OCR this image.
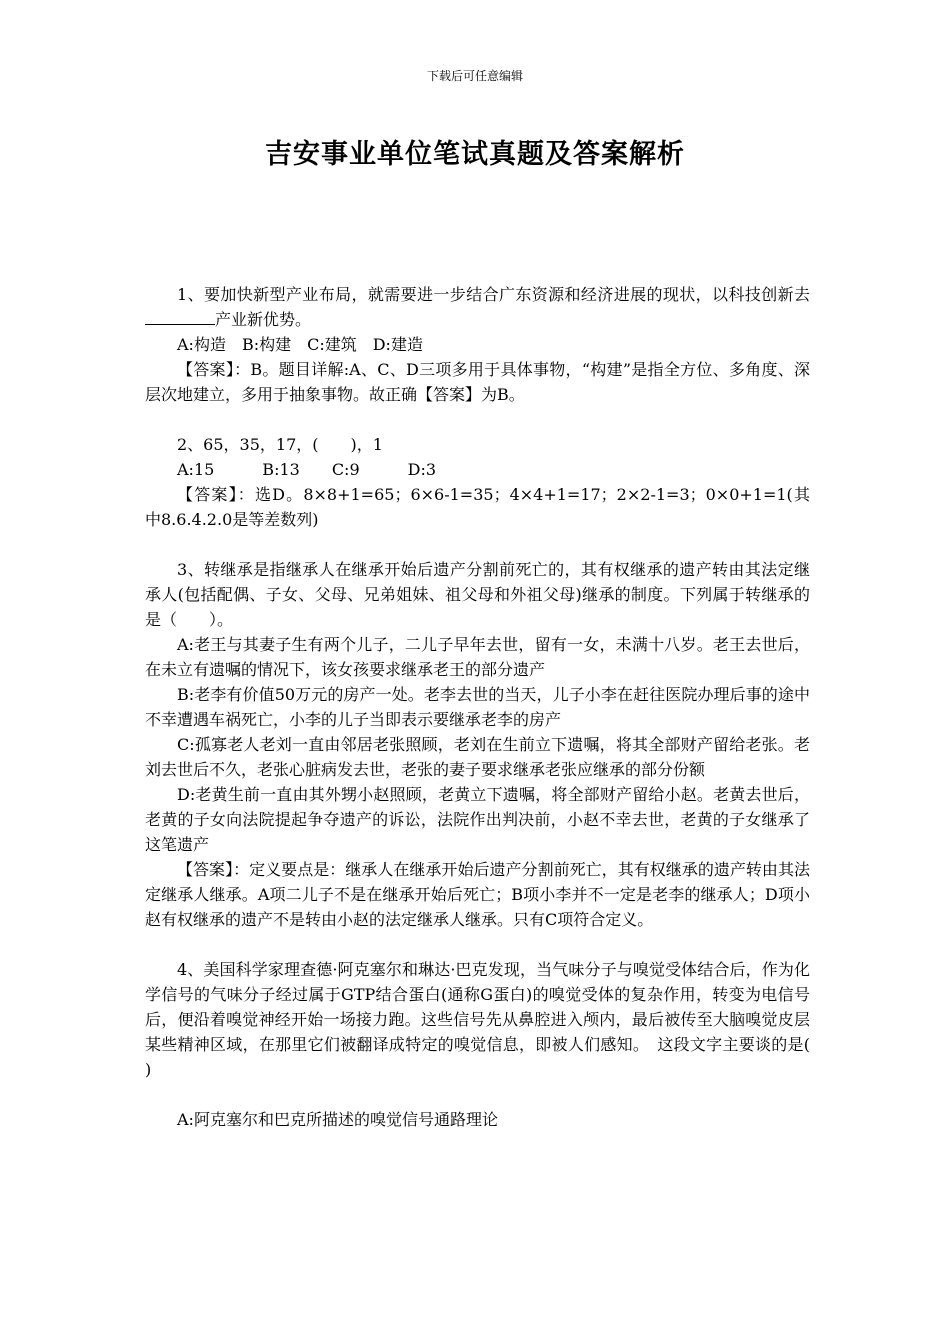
下载后可任意编辑
吉安事业单位笔试真题及答案解析

1、要加快新型产业布局，就需要进一步结合广东资源和经济进展的现状，以科技创新去产业新优势。

A:构造　B:构建　C:建筑　D:建造

【答案】：B。题目详解:A、C、D三项多用于具体事物，“构建”是指全方位、多角度、深层次地建立，多用于抽象事物。故正确【答案】为B。

2、65，35，17，(　　)，1

A:15　　　B:13　　C:9　　　D:3

【答案】：选D。8×8+1=65；6×6-1=35；4×4+1=17；2×2-1=3；0×0+1=1(其中8.6.4.2.0是等差数列)

3、转继承是指继承人在继承开始后遗产分割前死亡的，其有权继承的遗产转由其法定继承人(包括配偶、子女、父母、兄弟姐妹、祖父母和外祖父母)继承的制度。下列属于转继承的是（　　）。

A:老王与其妻子生有两个儿子，二儿子早年去世，留有一女，未满十八岁。老王去世后，在未立有遗嘱的情况下，该女孩要求继承老王的部分遗产

B:老李有价值50万元的房产一处。老李去世的当天，儿子小李在赶往医院办理后事的途中不幸遭遇车祸死亡，小李的儿子当即表示要继承老李的房产

C:孤寡老人老刘一直由邻居老张照顾，老刘在生前立下遗嘱，将其全部财产留给老张。老刘去世后不久，老张心脏病发去世，老张的妻子要求继承老张应继承的部分份额

D:老黄生前一直由其外甥小赵照顾，老黄立下遗嘱，将全部财产留给小赵。老黄去世后，老黄的子女向法院提起争夺遗产的诉讼，法院作出判决前，小赵不幸去世，老黄的子女继承了这笔遗产

【答案】：定义要点是：继承人在继承开始后遗产分割前死亡，其有权继承的遗产转由其法定继承人继承。A项二儿子不是在继承开始后死亡；B项小李并不一定是老李的继承人；D项小赵有权继承的遗产不是转由小赵的法定继承人继承。只有C项符合定义。

4、美国科学家理查德·阿克塞尔和琳达·巴克发现，当气味分子与嗅觉受体结合后，作为化学信号的气味分子经过属于GTP结合蛋白(通称G蛋白)的嗅觉受体的复杂作用，转变为电信号后，便沿着嗅觉神经开始一场接力跑。这些信号先从鼻腔进入颅内，最后被传至大脑嗅觉皮层某些精神区域，在那里它们被翻译成特定的嗅觉信息，即被人们感知。　这段文字主要谈的是( )

A:阿克塞尔和巴克所描述的嗅觉信号通路理论
